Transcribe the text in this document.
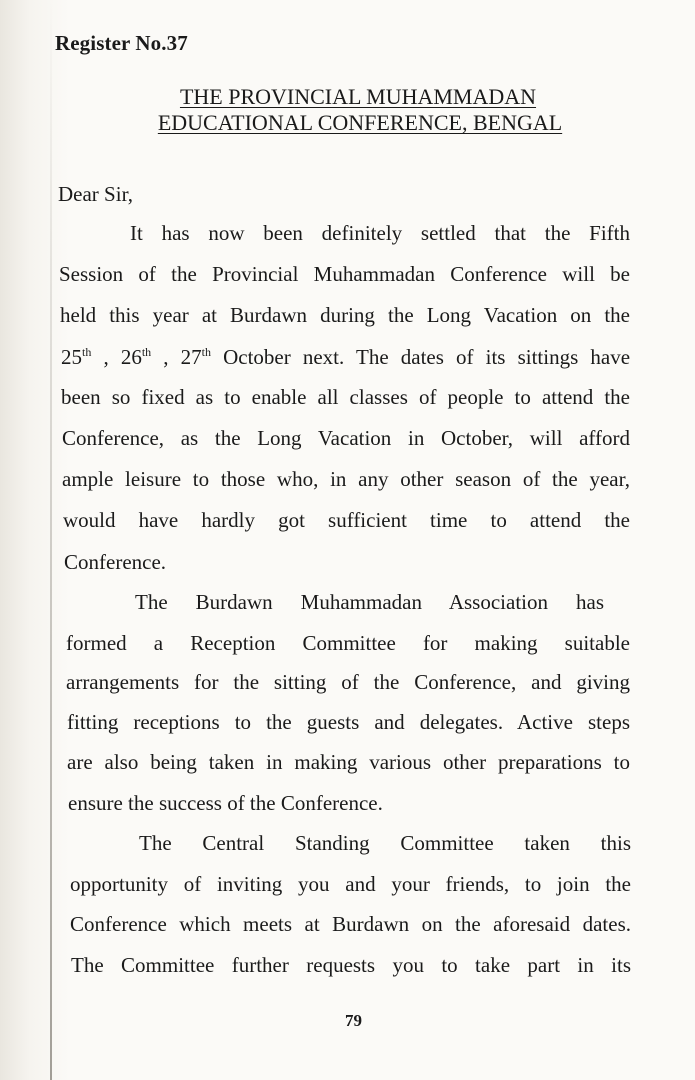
Register No.37
THE PROVINCIAL MUHAMMADAN
EDUCATIONAL CONFERENCE, BENGAL
Dear Sir,
It has now been definitely settled that the Fifth
Session of the Provincial Muhammadan Conference will be
held this year at Burdawn during the Long Vacation on the
25th , 26th , 27th October next. The dates of its sittings have
been so fixed as to enable all classes of people to attend the
Conference, as the Long Vacation in October, will afford
ample leisure to those who, in any other season of the year,
would have hardly got sufficient time to attend the
Conference.
The Burdawn Muhammadan Association has
formed a Reception Committee for making suitable
arrangements for the sitting of the Conference, and giving
fitting receptions to the guests and delegates. Active steps
are also being taken in making various other preparations to
ensure the success of the Conference.
The Central Standing Committee taken this
opportunity of inviting you and your friends, to join the
Conference which meets at Burdawn on the aforesaid dates.
The Committee further requests you to take part in its
79
